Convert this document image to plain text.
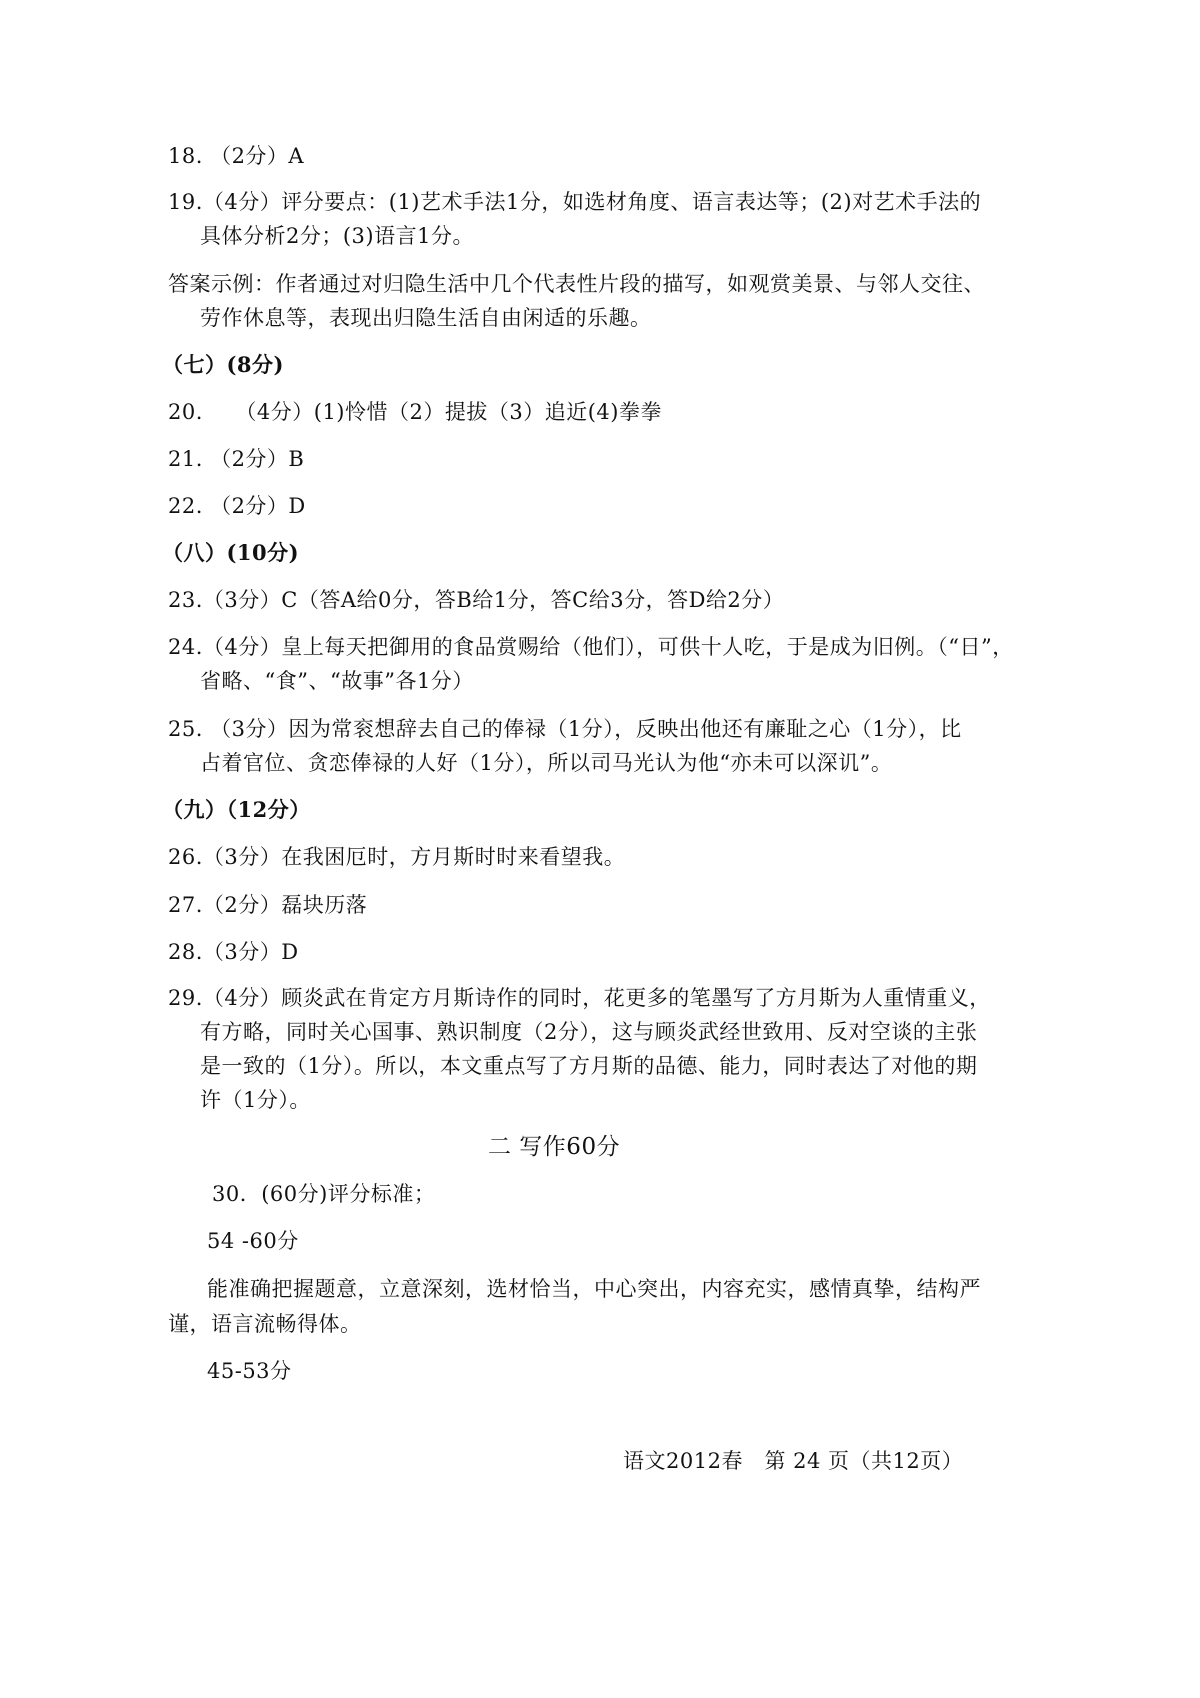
18. （2分）A
19.（4分）评分要点：(1)艺术手法1分，如选材角度、语言表达等；(2)对艺术手法的
具体分析2分；(3)语言1分。
答案示例：作者通过对归隐生活中几个代表性片段的描写，如观赏美景、与邻人交往、
劳作休息等，表现出归隐生活自由闲适的乐趣。
（七）(8分)
20.　　（4分）(1)怜惜（2）提拔（3）追近(4)拳拳
21. （2分）B
22. （2分）D
（八）(10分)
23.（3分）C（答A给0分，答B给1分，答C给3分，答D给2分）
24.（4分）皇上每天把御用的食品赏赐给（他们），可供十人吃，于是成为旧例。（“日”，
省略、“食”、“故事”各1分）
25. （3分）因为常衮想辞去自己的俸禄（1分），反映出他还有廉耻之心（1分），比
占着官位、贪恋俸禄的人好（1分），所以司马光认为他“亦未可以深讥”。
（九）（12分）
26.（3分）在我困厄时，方月斯时时来看望我。
27.（2分）磊块历落
28.（3分）D
29.（4分）顾炎武在肯定方月斯诗作的同时，花更多的笔墨写了方月斯为人重情重义，
有方略，同时关心国事、熟识制度（2分），这与顾炎武经世致用、反对空谈的主张
是一致的（1分）。所以，本文重点写了方月斯的品德、能力，同时表达了对他的期
许（1分）。
二 写作60分
30．(60分)评分标准；
54 -60分
能准确把握题意，立意深刻，选材恰当，中心突出，内容充实，感情真挚，结构严
谨，语言流畅得体。
45-53分
语文2012春　第 24 页（共12页）
